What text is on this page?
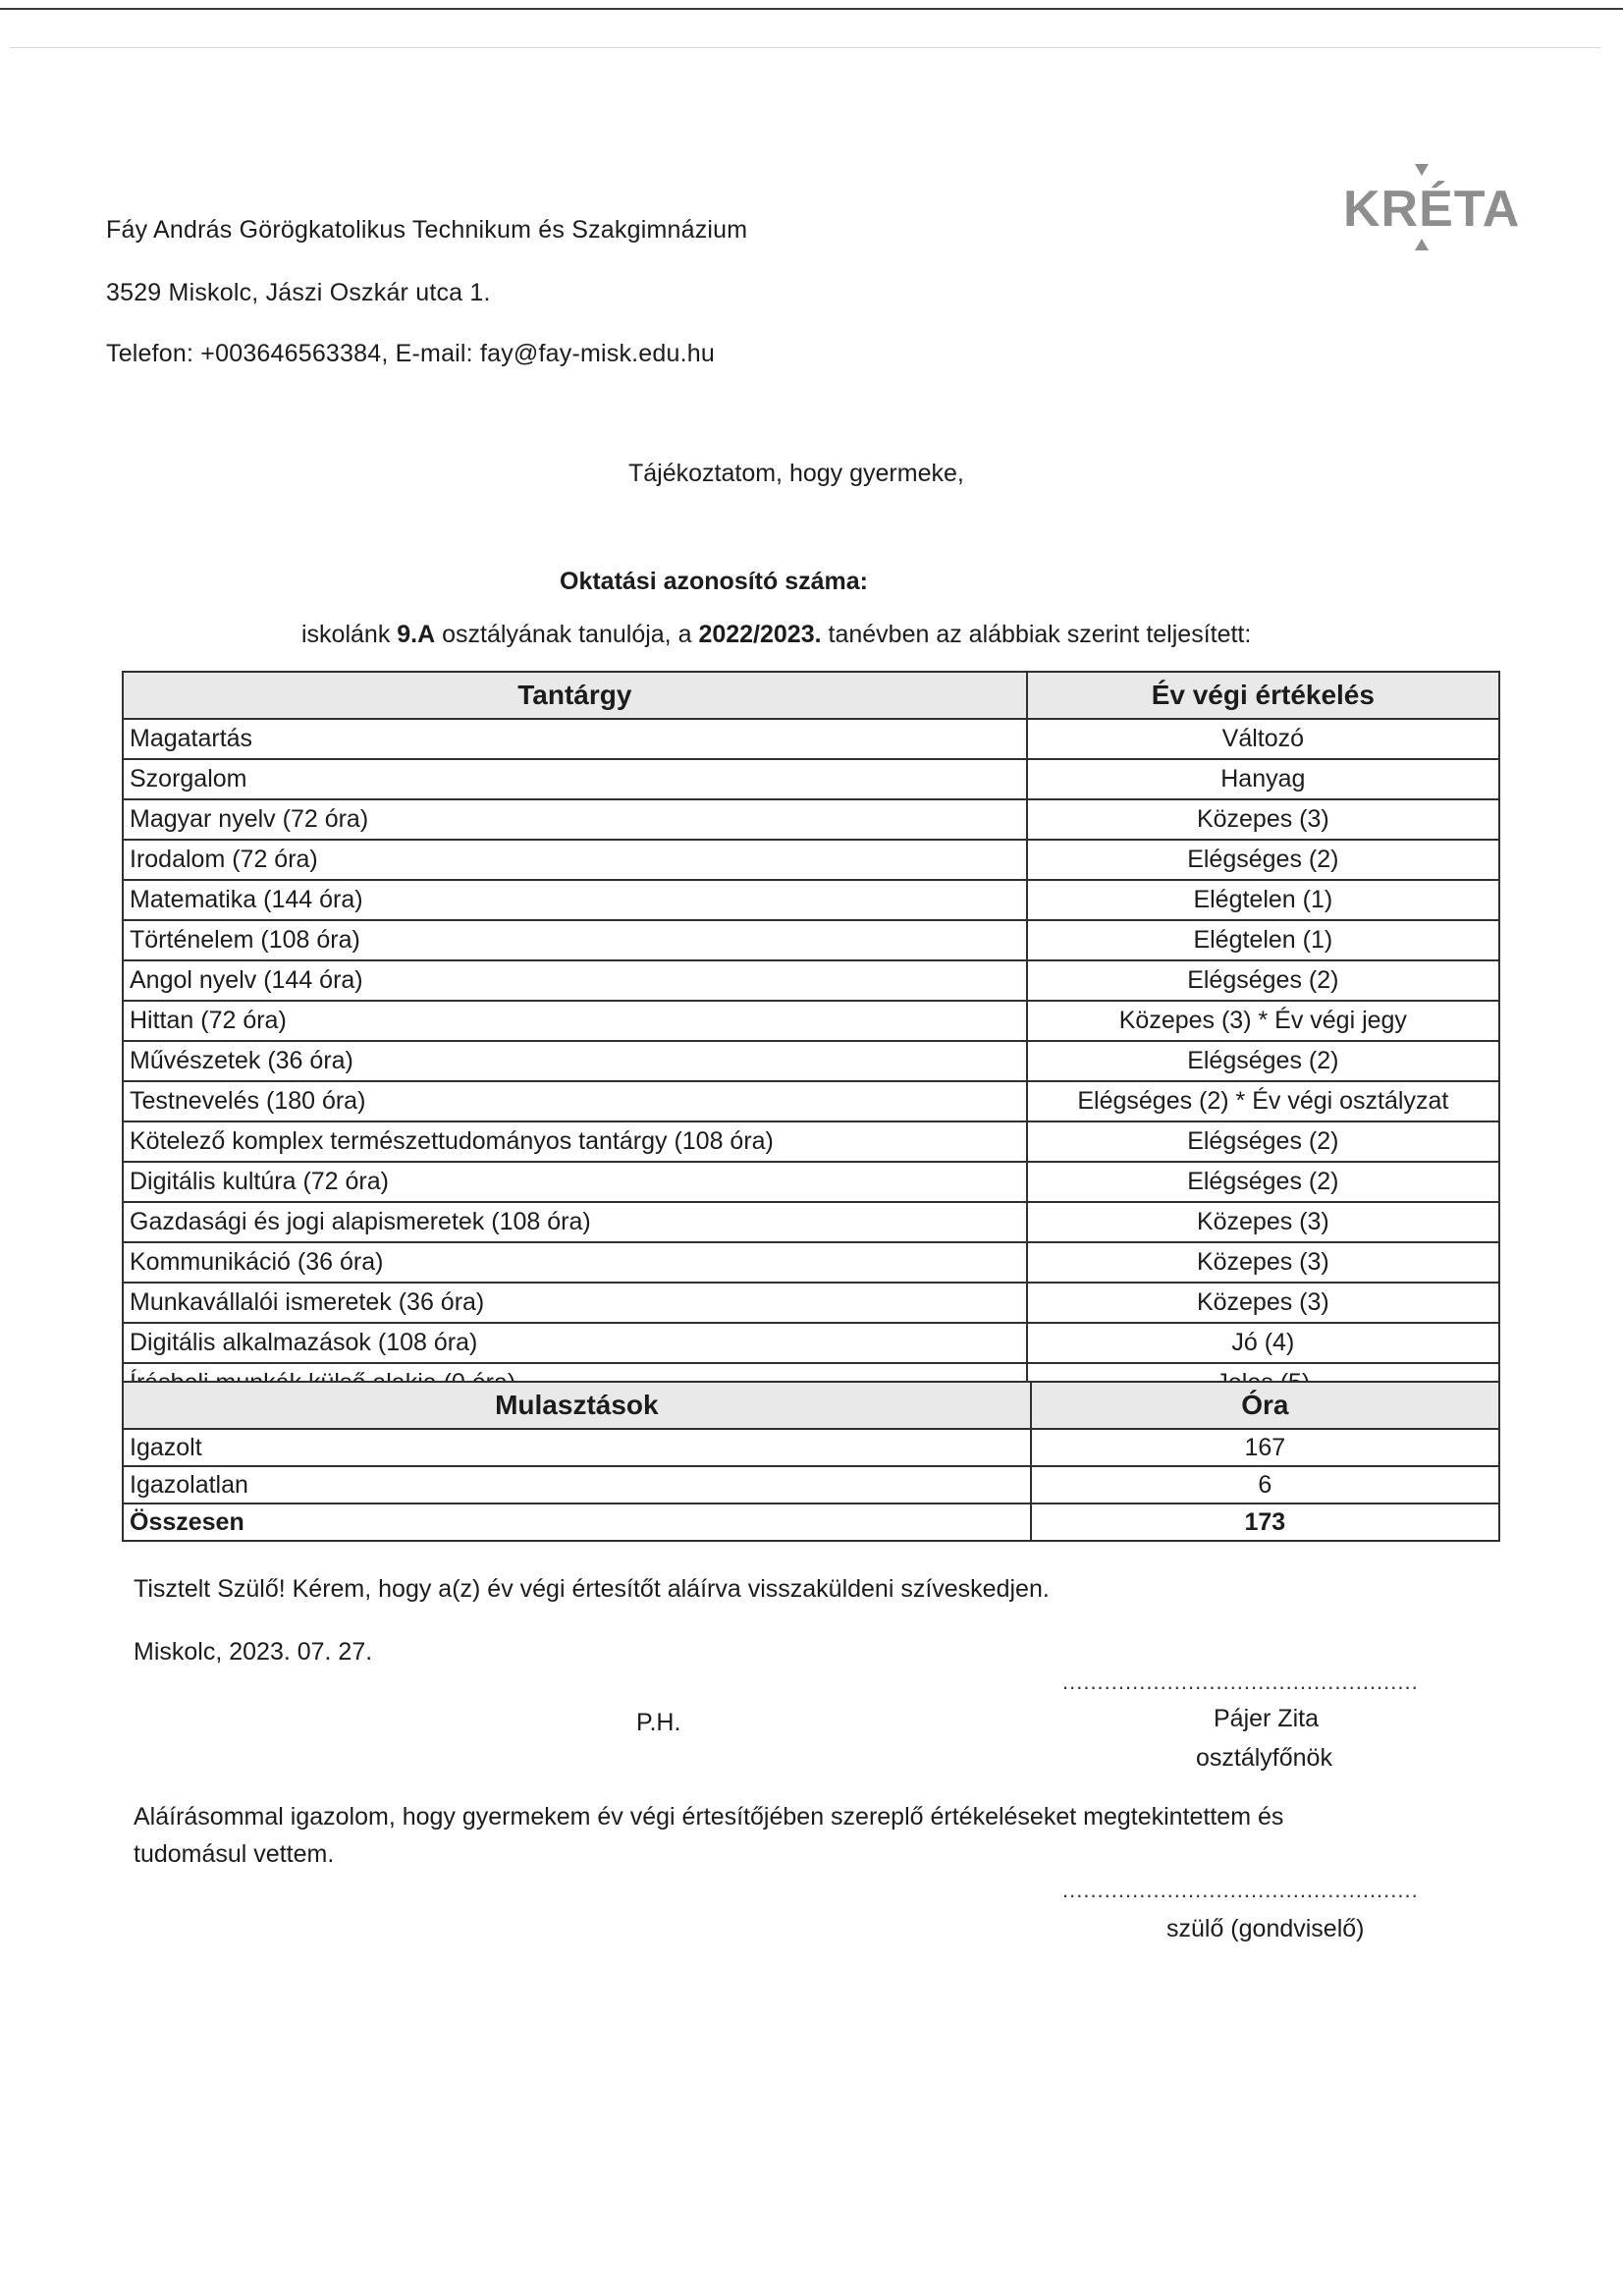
Fáy András Görögkatolikus Technikum és Szakgimnázium
3529 Miskolc, Jászi Oszkár utca 1.
Telefon: +003646563384, E-mail: fay@fay-misk.edu.hu
KRÉTA
Tájékoztatom, hogy gyermeke,
Oktatási azonosító száma:
iskolánk 9.A osztályának tanulója, a 2022/2023. tanévben az alábbiak szerint teljesített:
Tantárgy	Év végi értékelés
Magatartás	Változó
Szorgalom	Hanyag
Magyar nyelv (72 óra)	Közepes (3)
Irodalom (72 óra)	Elégséges (2)
Matematika (144 óra)	Elégtelen (1)
Történelem (108 óra)	Elégtelen (1)
Angol nyelv (144 óra)	Elégséges (2)
Hittan (72 óra)	Közepes (3) * Év végi jegy
Művészetek (36 óra)	Elégséges (2)
Testnevelés (180 óra)	Elégséges (2) * Év végi osztályzat
Kötelező komplex természettudományos tantárgy (108 óra)	Elégséges (2)
Digitális kultúra (72 óra)	Elégséges (2)
Gazdasági és jogi alapismeretek (108 óra)	Közepes (3)
Kommunikáció (36 óra)	Közepes (3)
Munkavállalói ismeretek (36 óra)	Közepes (3)
Digitális alkalmazások (108 óra)	Jó (4)

Mulasztások	Óra
Igazolt	167
Igazolatlan	6
Összesen	173
Tisztelt Szülő! Kérem, hogy a(z) év végi értesítőt aláírva visszaküldeni szíveskedjen.
Miskolc, 2023. 07. 27.
...................................................
P.H.	Pájer Zita
osztályfőnök
Aláírásommal igazolom, hogy gyermekem év végi értesítőjében szereplő értékeléseket megtekintettem és
tudomásul vettem.
...................................................
szülő (gondviselő)
